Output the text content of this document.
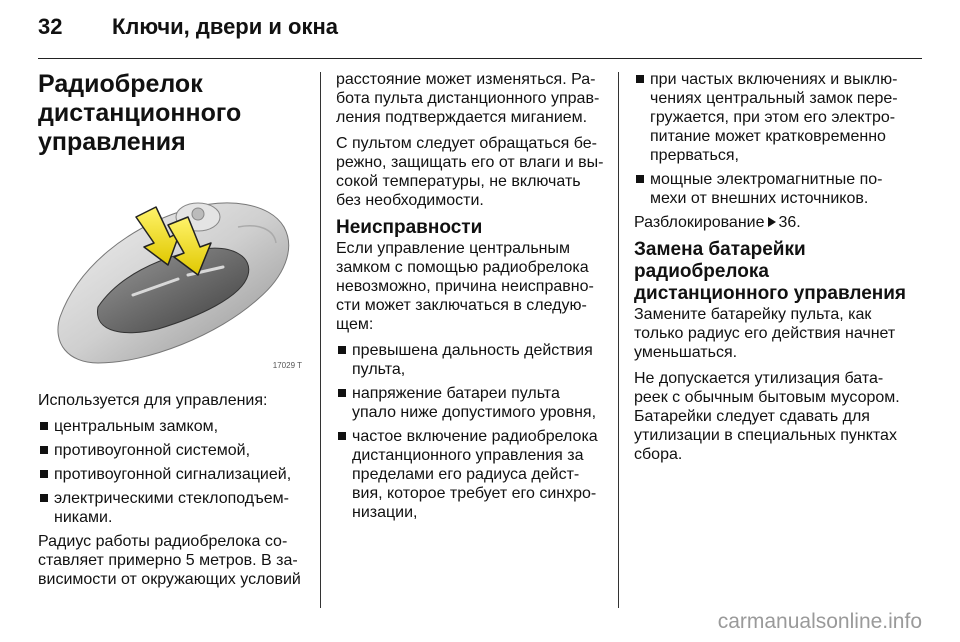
32	Ключи, двери и окна
Радиобрелок
дистанционного
управления
17029 T

Используется для управления:

центральным замком,
противоугонной системой,
противоугонной сигнализацией,
электрическими стеклоподъем-
никами.

Радиус работы радиобрелока со-
ставляет примерно 5 метров. В за-
висимости от окружающих условий

расстояние может изменяться. Ра-
бота пульта дистанционного управ-
ления подтверждается миганием.

С пультом следует обращаться бе-
режно, защищать его от влаги и вы-
сокой температуры, не включать
без необходимости.

Неисправности

Если управление центральным
замком с помощью радиобрелока
невозможно, причина неисправно-
сти может заключаться в следую-
щем:

превышена дальность действия
пульта,
напряжение батареи пульта
упало ниже допустимого уровня,
частое включение радиобрелока
дистанционного управления за
пределами его радиуса дейст-
вия, которое требует его синхро-
низации,
при частых включениях и выклю-
чениях центральный замок пере-
гружается, при этом его электро-
питание может кратковременно
прерваться,
мощные электромагнитные по-
мехи от внешних источников.

Разблокирование 36.

Замена батарейки
радиобрелока
дистанционного управления

Замените батарейку пульта, как
только радиус его действия начнет
уменьшаться.

Не допускается утилизация бата-
реек с обычным бытовым мусором.
Батарейки следует сдавать для
утилизации в специальных пунктах
сбора.

carmanualsonline.info
